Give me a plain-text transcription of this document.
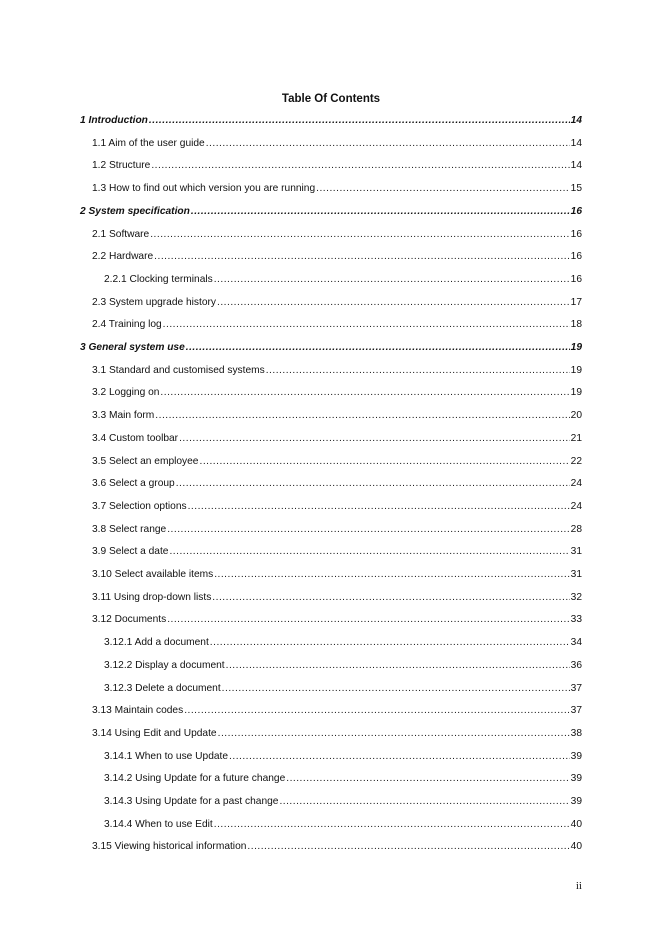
Table Of Contents
1 Introduction .....	14
1.1 Aim of the user guide .....	14
1.2 Structure .....	14
1.3 How to find out which version you are running .....	15
2 System specification .....	16
2.1 Software .....	16
2.2 Hardware .....	16
2.2.1 Clocking terminals .....	16
2.3 System upgrade history .....	17
2.4 Training log .....	18
3 General system use .....	19
3.1 Standard and customised systems .....	19
3.2 Logging on .....	19
3.3 Main form .....	20
3.4 Custom toolbar .....	21
3.5 Select an employee .....	22
3.6 Select a group .....	24
3.7 Selection options .....	24
3.8 Select range .....	28
3.9 Select a date .....	31
3.10 Select available items .....	31
3.11 Using drop-down lists .....	32
3.12 Documents .....	33
3.12.1 Add a document .....	34
3.12.2 Display a document .....	36
3.12.3 Delete a document .....	37
3.13 Maintain codes .....	37
3.14 Using Edit and Update .....	38
3.14.1 When to use Update .....	39
3.14.2 Using Update for a future change .....	39
3.14.3 Using Update for a past change .....	39
3.14.4 When to use Edit .....	40
3.15 Viewing historical information .....	40
ii
